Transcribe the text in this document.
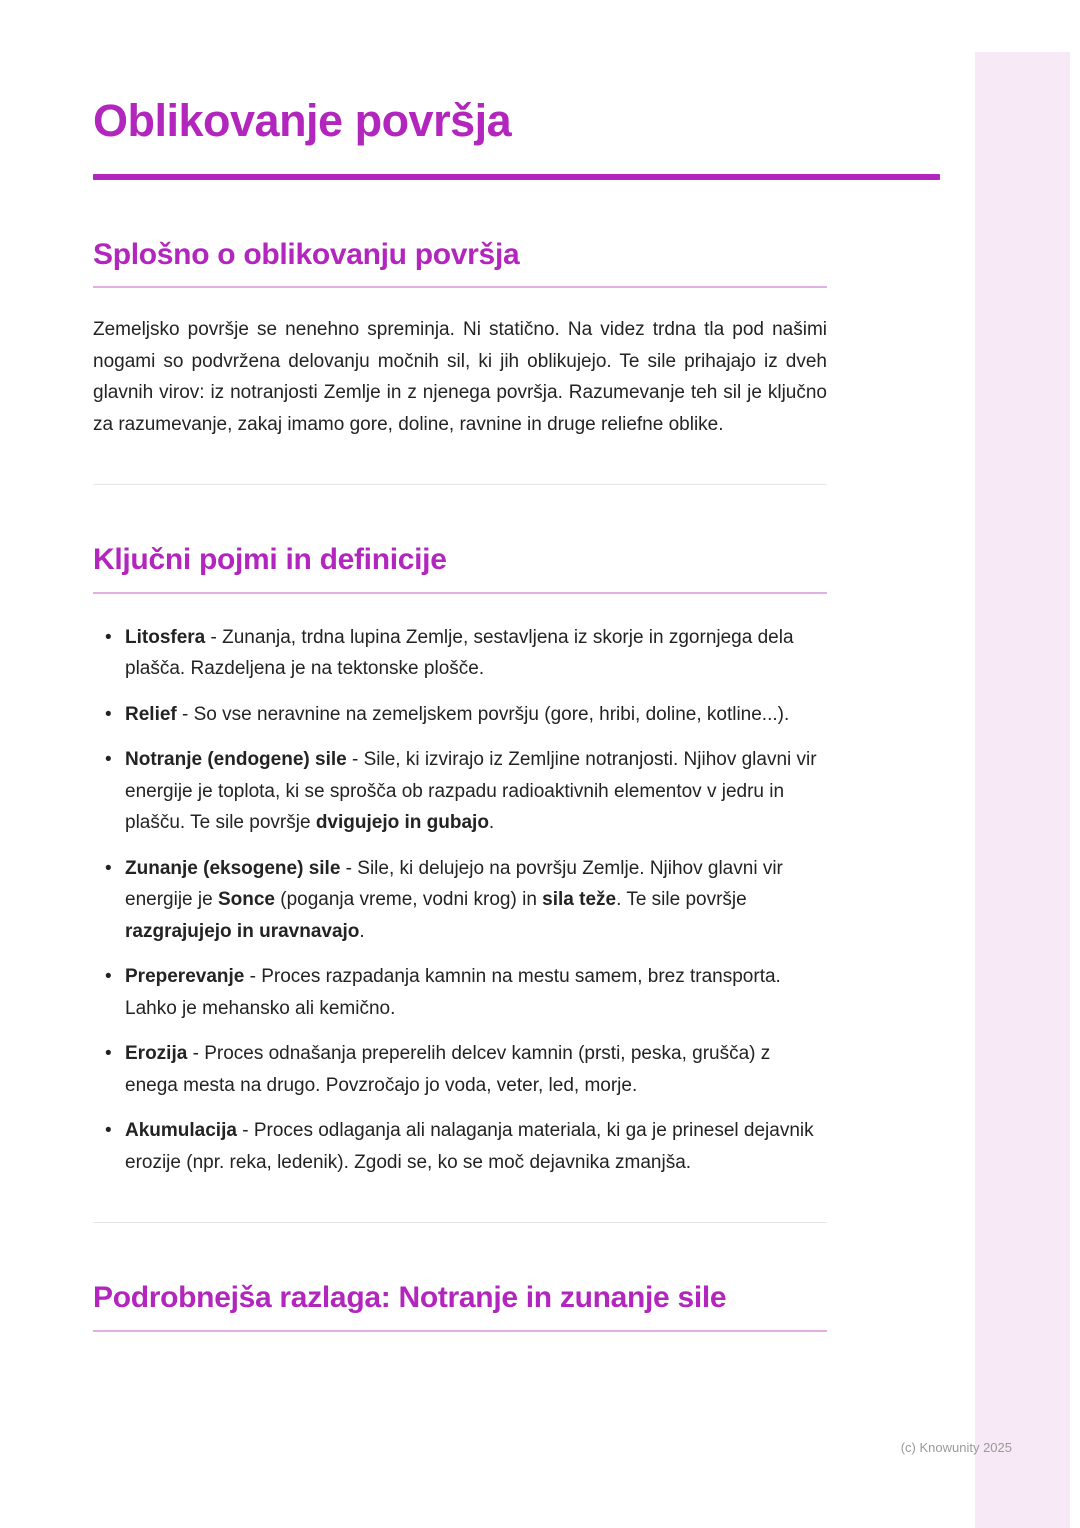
Oblikovanje površja
Splošno o oblikovanju površja

Zemeljsko površje se nenehno spreminja. Ni statično. Na videz trdna tla pod našimi nogami so podvržena delovanju močnih sil, ki jih oblikujejo. Te sile prihajajo iz dveh glavnih virov: iz notranjosti Zemlje in z njenega površja. Razumevanje teh sil je ključno za razumevanje, zakaj imamo gore, doline, ravnine in druge reliefne oblike.

Ključni pojmi in definicije
• Litosfera - Zunanja, trdna lupina Zemlje, sestavljena iz skorje in zgornjega dela plašča. Razdeljena je na tektonske plošče.
• Relief - So vse neravnine na zemeljskem površju (gore, hribi, doline, kotline...).
• Notranje (endogene) sile - Sile, ki izvirajo iz Zemljine notranjosti. Njihov glavni vir energije je toplota, ki se sprošča ob razpadu radioaktivnih elementov v jedru in plašču. Te sile površje dvigujejo in gubajo.
• Zunanje (eksogene) sile - Sile, ki delujejo na površju Zemlje. Njihov glavni vir energije je Sonce (poganja vreme, vodni krog) in sila teže. Te sile površje razgrajujejo in uravnavajo.
• Preperevanje - Proces razpadanja kamnin na mestu samem, brez transporta. Lahko je mehansko ali kemično.
• Erozija - Proces odnašanja preperelih delcev kamnin (prsti, peska, grušča) z enega mesta na drugo. Povzročajo jo voda, veter, led, morje.
• Akumulacija - Proces odlaganja ali nalaganja materiala, ki ga je prinesel dejavnik erozije (npr. reka, ledenik). Zgodi se, ko se moč dejavnika zmanjša.
Podrobnejša razlaga: Notranje in zunanje sile
(c) Knowunity 2025
